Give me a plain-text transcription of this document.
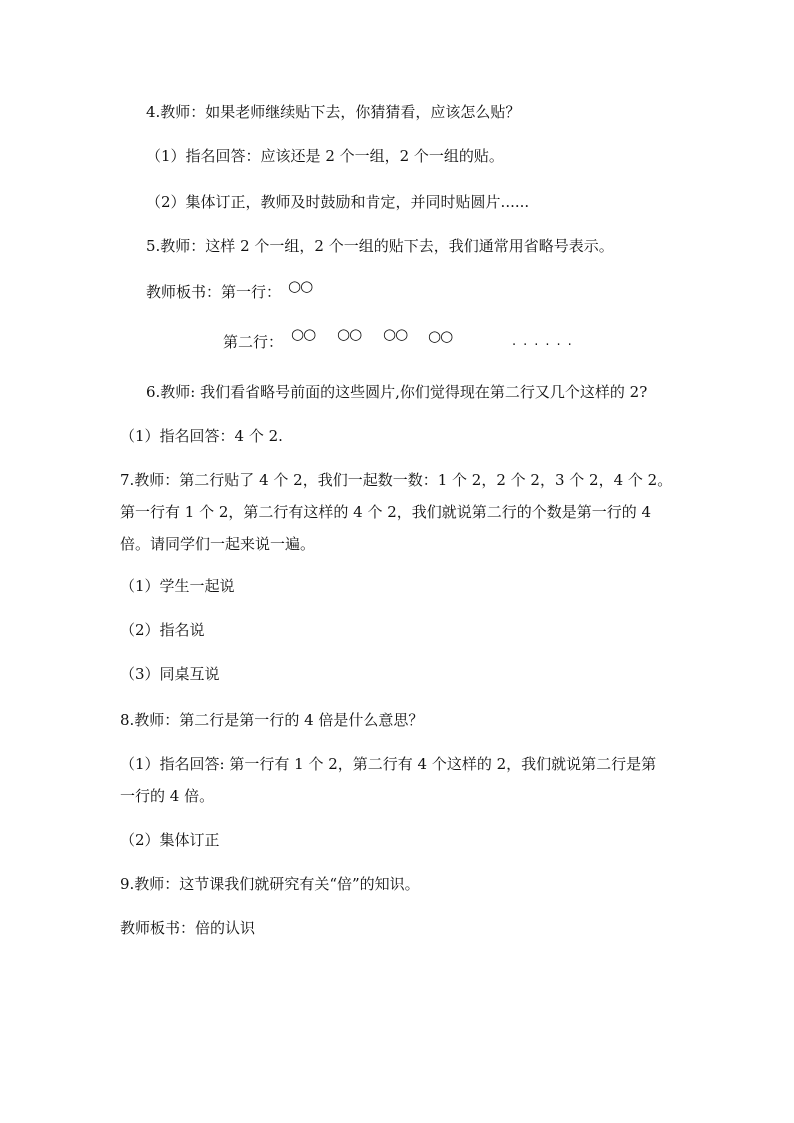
4.教师：如果老师继续贴下去，你猜猜看，应该怎么贴？
（1）指名回答：应该还是 2 个一组，2 个一组的贴。
（2）集体订正，教师及时鼓励和肯定，并同时贴圆片......
5.教师：这样 2 个一组，2 个一组的贴下去，我们通常用省略号表示。
教师板书：第一行： ○○
第二行： ○○ ○○ ○○ ○○	......
6.教师: 我们看省略号前面的这些圆片,你们觉得现在第二行又几个这样的 2?
（1）指名回答：4 个 2.
7.教师：第二行贴了 4 个 2，我们一起数一数：1 个 2，2 个 2，3 个 2，4 个 2。
第一行有 1 个 2，第二行有这样的 4 个 2，我们就说第二行的个数是第一行的 4
倍。请同学们一起来说一遍。
（1）学生一起说
（2）指名说
（3）同桌互说
8.教师：第二行是第一行的 4 倍是什么意思？
（1）指名回答: 第一行有 1 个 2，第二行有 4 个这样的 2，我们就说第二行是第
一行的 4 倍。
（2）集体订正
9.教师：这节课我们就研究有关“倍”的知识。
教师板书：倍的认识
